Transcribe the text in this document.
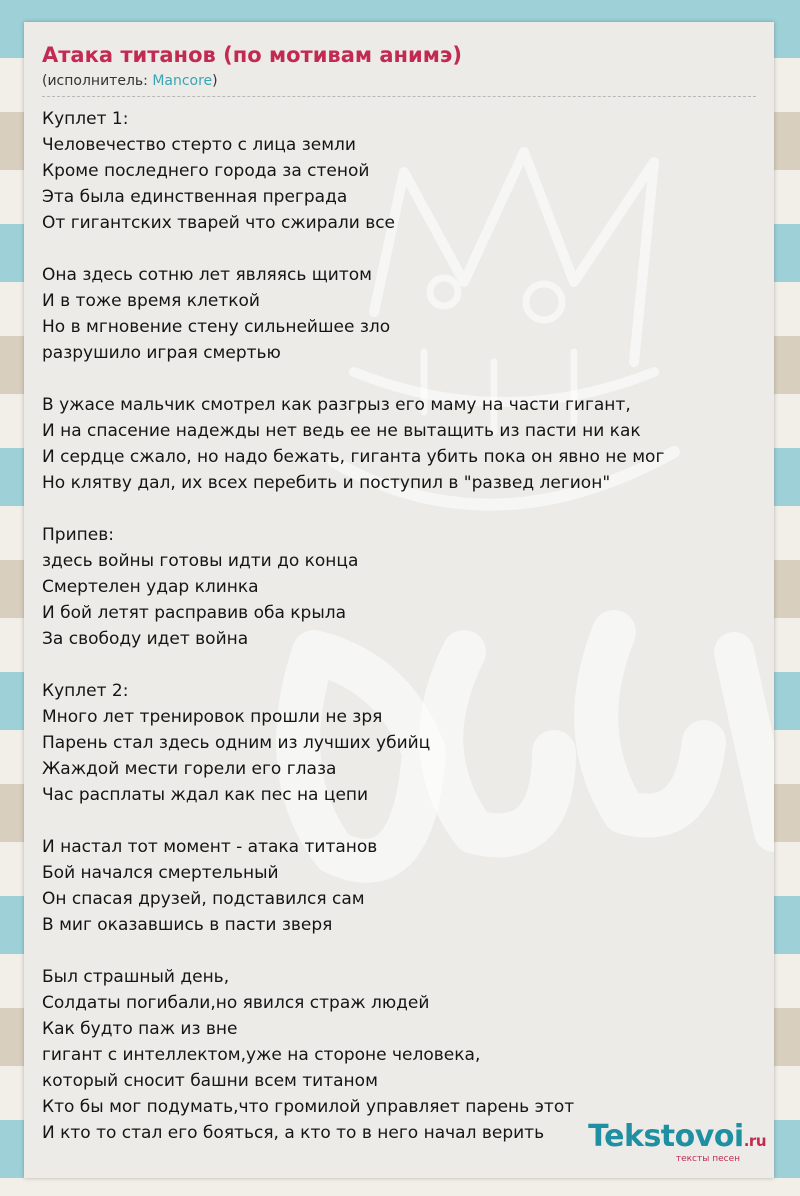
Атака титанов (по мотивам анимэ)
(исполнитель: Mancore)
Куплет 1:
Человечество стерто с лица земли
Кроме последнего города за стеной
Эта была единственная преграда
От гигантских тварей что сжирали все
Она здесь сотню лет являясь щитом
И в тоже время клеткой
Но в мгновение стену сильнейшее зло
разрушило играя смертью
В ужасе мальчик смотрел как разгрыз его маму на части гигант,
И на спасение надежды нет ведь ее не вытащить из пасти ни как
И сердце сжало, но надо бежать, гиганта убить пока он явно не мог
Но клятву дал, их всех перебить и поступил в "развед легион"
Припев:
здесь войны готовы идти до конца
Смертелен удар клинка
И бой летят расправив оба крыла
За свободу идет война
Куплет 2:
Много лет тренировок прошли не зря
Парень стал здесь одним из лучших убийц
Жаждой мести горели его глаза
Час расплаты ждал как пес на цепи
И настал тот момент - атака титанов
Бой начался смертельный
Он спасая друзей, подставился сам
В миг оказавшись в пасти зверя
Был страшный день,
Солдаты погибали,но явился страж людей
Как будто паж из вне
гигант с интеллектом,уже на стороне человека,
который сносит башни всем титаном
Кто бы мог подумать,что громилой управляет парень этот
И кто то стал его бояться, а кто то в него начал верить	Tekstovoi.ru
тексты песен
